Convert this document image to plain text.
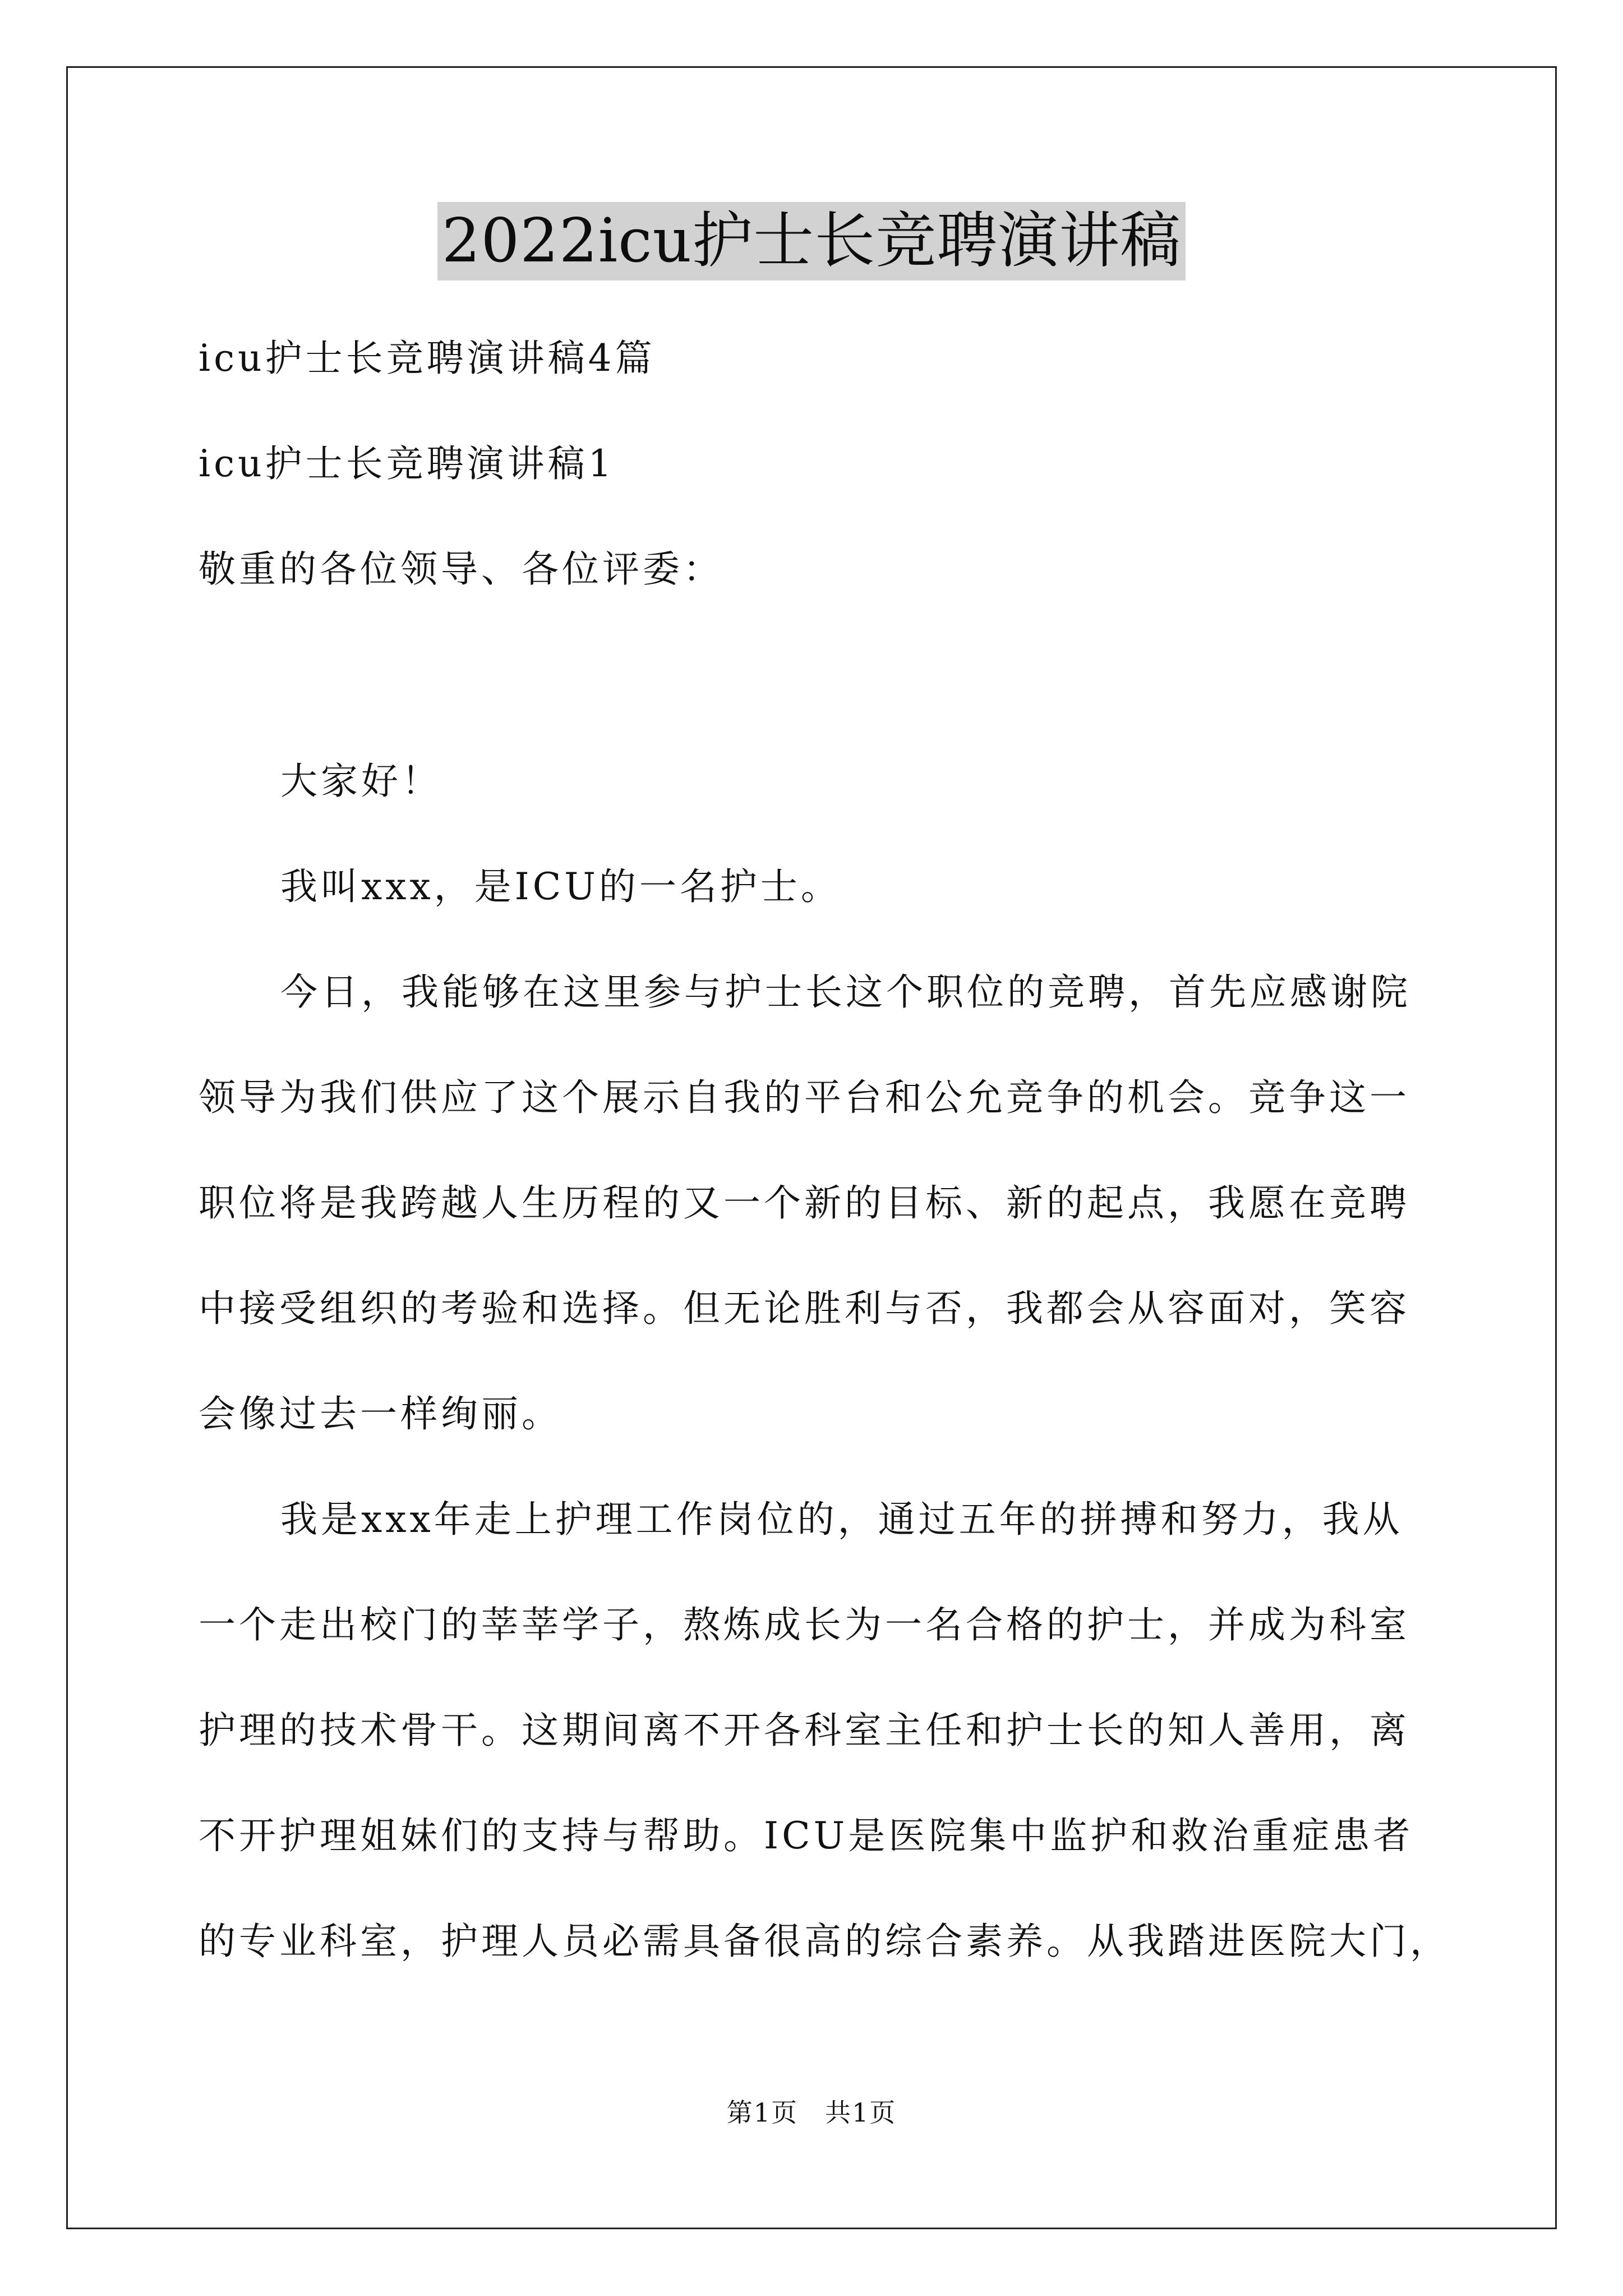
2022icu护士长竞聘演讲稿
icu护士长竞聘演讲稿4篇
icu护士长竞聘演讲稿1
敬重的各位领导、各位评委：
大家好！
我叫xxx，是ICU的一名护士。
今日，我能够在这里参与护士长这个职位的竞聘，首先应感谢院
领导为我们供应了这个展示自我的平台和公允竞争的机会。竞争这一
职位将是我跨越人生历程的又一个新的目标、新的起点，我愿在竞聘
中接受组织的考验和选择。但无论胜利与否，我都会从容面对，笑容
会像过去一样绚丽。
我是xxx年走上护理工作岗位的，通过五年的拼搏和努力，我从
一个走出校门的莘莘学子，熬炼成长为一名合格的护士，并成为科室
护理的技术骨干。这期间离不开各科室主任和护士长的知人善用，离
不开护理姐妹们的支持与帮助。ICU是医院集中监护和救治重症患者
的专业科室，护理人员必需具备很高的综合素养。从我踏进医院大门，
第1页　共1页
